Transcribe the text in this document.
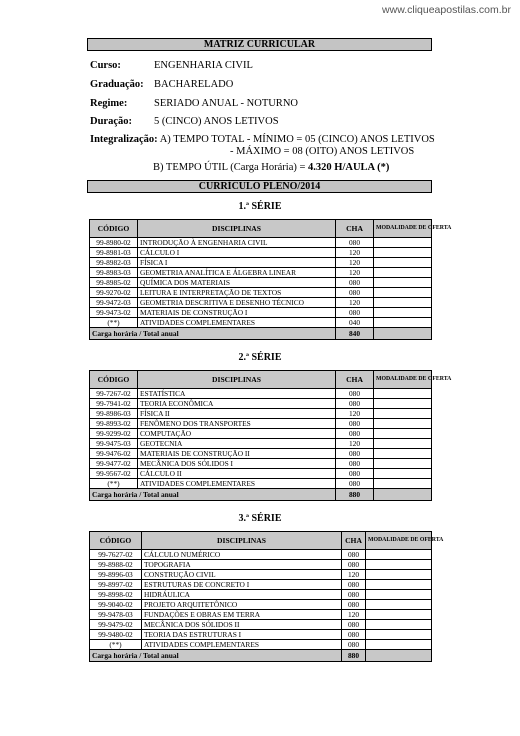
www.cliqueapostilas.com.br
MATRIZ CURRICULAR
Curso:	ENGENHARIA CIVIL
Graduação: BACHARELADO
Regime:	SERIADO ANUAL - NOTURNO
Duração: 5 (CINCO) ANOS LETIVOS
Integralização: A) TEMPO TOTAL - MÍNIMO = 05 (CINCO) ANOS LETIVOS
- MÁXIMO = 08 (OITO) ANOS LETIVOS
B) TEMPO ÚTIL (Carga Horária) = 4.320 H/AULA (*)
CURRÍCULO PLENO/2014
1.ª SÉRIE
CÓDIGO	DISCIPLINAS	CHA	MODALIDADE DE OFERTA
99-8980-02	INTRODUÇÃO À ENGENHARIA CIVIL	080	
99-8981-03	CÁLCULO I	120	
99-8982-03	FÍSICA I	120	
99-8983-03	GEOMETRIA ANALÍTICA E ÁLGEBRA LINEAR	120	
99-8985-02	QUÍMICA DOS MATERIAIS	080	
99-9270-02	LEITURA E INTERPRETAÇÃO DE TEXTOS	080	
99-9472-03	GEOMETRIA DESCRITIVA E DESENHO TÉCNICO	120	
99-9473-02	MATERIAIS DE CONSTRUÇÃO I	080	
(**)	ATIVIDADES COMPLEMENTARES	040	
Carga horária / Total anual		840	
2.ª SÉRIE
CÓDIGO	DISCIPLINAS	CHA	MODALIDADE DE OFERTA
99-7267-02	ESTATÍSTICA	080	
99-7941-02	TEORIA ECONÔMICA	080	
99-8986-03	FÍSICA II	120	
99-8993-02	FENÔMENO DOS TRANSPORTES	080	
99-9299-02	COMPUTAÇÃO	080	
99-9475-03	GEOTECNIA	120	
99-9476-02	MATERIAIS DE CONSTRUÇÃO II	080	
99-9477-02	MECÂNICA DOS SÓLIDOS I	080	
99-9567-02	CÁLCULO II	080	
(**)	ATIVIDADES COMPLEMENTARES	080	
Carga horária / Total anual		880	
3.ª SÉRIE
CÓDIGO	DISCIPLINAS	CHA	MODALIDADE DE OFERTA
99-7627-02	CÁLCULO NUMÉRICO	080	
99-8988-02	TOPOGRAFIA	080	
99-8996-03	CONSTRUÇÃO CIVIL	120	
99-8997-02	ESTRUTURAS DE CONCRETO I	080	
99-8998-02	HIDRÁULICA	080	
99-9040-02	PROJETO ARQUITETÔNICO	080	
99-9478-03	FUNDAÇÕES E OBRAS EM TERRA	120	
99-9479-02	MECÂNICA DOS SÓLIDOS II	080	
99-9480-02	TEORIA DAS ESTRUTURAS I	080	
(**)	ATIVIDADES COMPLEMENTARES	080	
Carga horária / Total anual		880	
